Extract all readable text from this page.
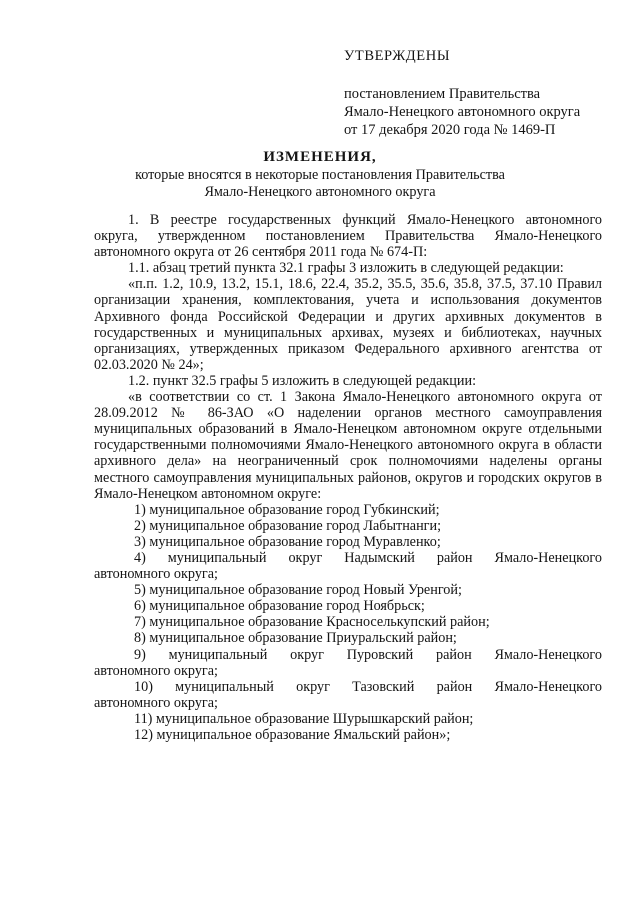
УТВЕРЖДЕНЫ
постановлением Правительства
Ямало-Ненецкого автономного округа
от 17 декабря 2020 года № 1469-П
ИЗМЕНЕНИЯ,
которые вносятся в некоторые постановления Правительства
Ямало-Ненецкого автономного округа
1. В реестре государственных функций Ямало-Ненецкого автономного округа, утвержденном постановлением Правительства Ямало-Ненецкого автономного округа от 26 сентября 2011 года № 674-П:
1.1. абзац третий пункта 32.1 графы 3 изложить в следующей редакции:
«п.п. 1.2, 10.9, 13.2, 15.1, 18.6, 22.4, 35.2, 35.5, 35.6, 35.8, 37.5, 37.10 Правил организации хранения, комплектования, учета и использования документов Архивного фонда Российской Федерации и других архивных документов в государственных и муниципальных архивах, музеях и библиотеках, научных организациях, утвержденных приказом Федерального архивного агентства от 02.03.2020 № 24»;
1.2. пункт 32.5 графы 5 изложить в следующей редакции:
«в соответствии со ст. 1 Закона Ямало-Ненецкого автономного округа от 28.09.2012 № 86-ЗАО «О наделении органов местного самоуправления муниципальных образований в Ямало-Ненецком автономном округе отдельными государственными полномочиями Ямало-Ненецкого автономного округа в области архивного дела» на неограниченный срок полномочиями наделены органы местного самоуправления муниципальных районов, округов и городских округов в Ямало-Ненецком автономном округе:
1) муниципальное образование город Губкинский;
2) муниципальное образование город Лабытнанги;
3) муниципальное образование город Муравленко;
4) муниципальный округ Надымский район Ямало-Ненецкого
автономного округа;
5) муниципальное образование город Новый Уренгой;
6) муниципальное образование город Ноябрьск;
7) муниципальное образование Красноселькупский район;
8) муниципальное образование Приуральский район;
9) муниципальный округ Пуровский район Ямало-Ненецкого
автономного округа;
10) муниципальный округ Тазовский район Ямало-Ненецкого
автономного округа;
11) муниципальное образование Шурышкарский район;
12) муниципальное образование Ямальский район»;
